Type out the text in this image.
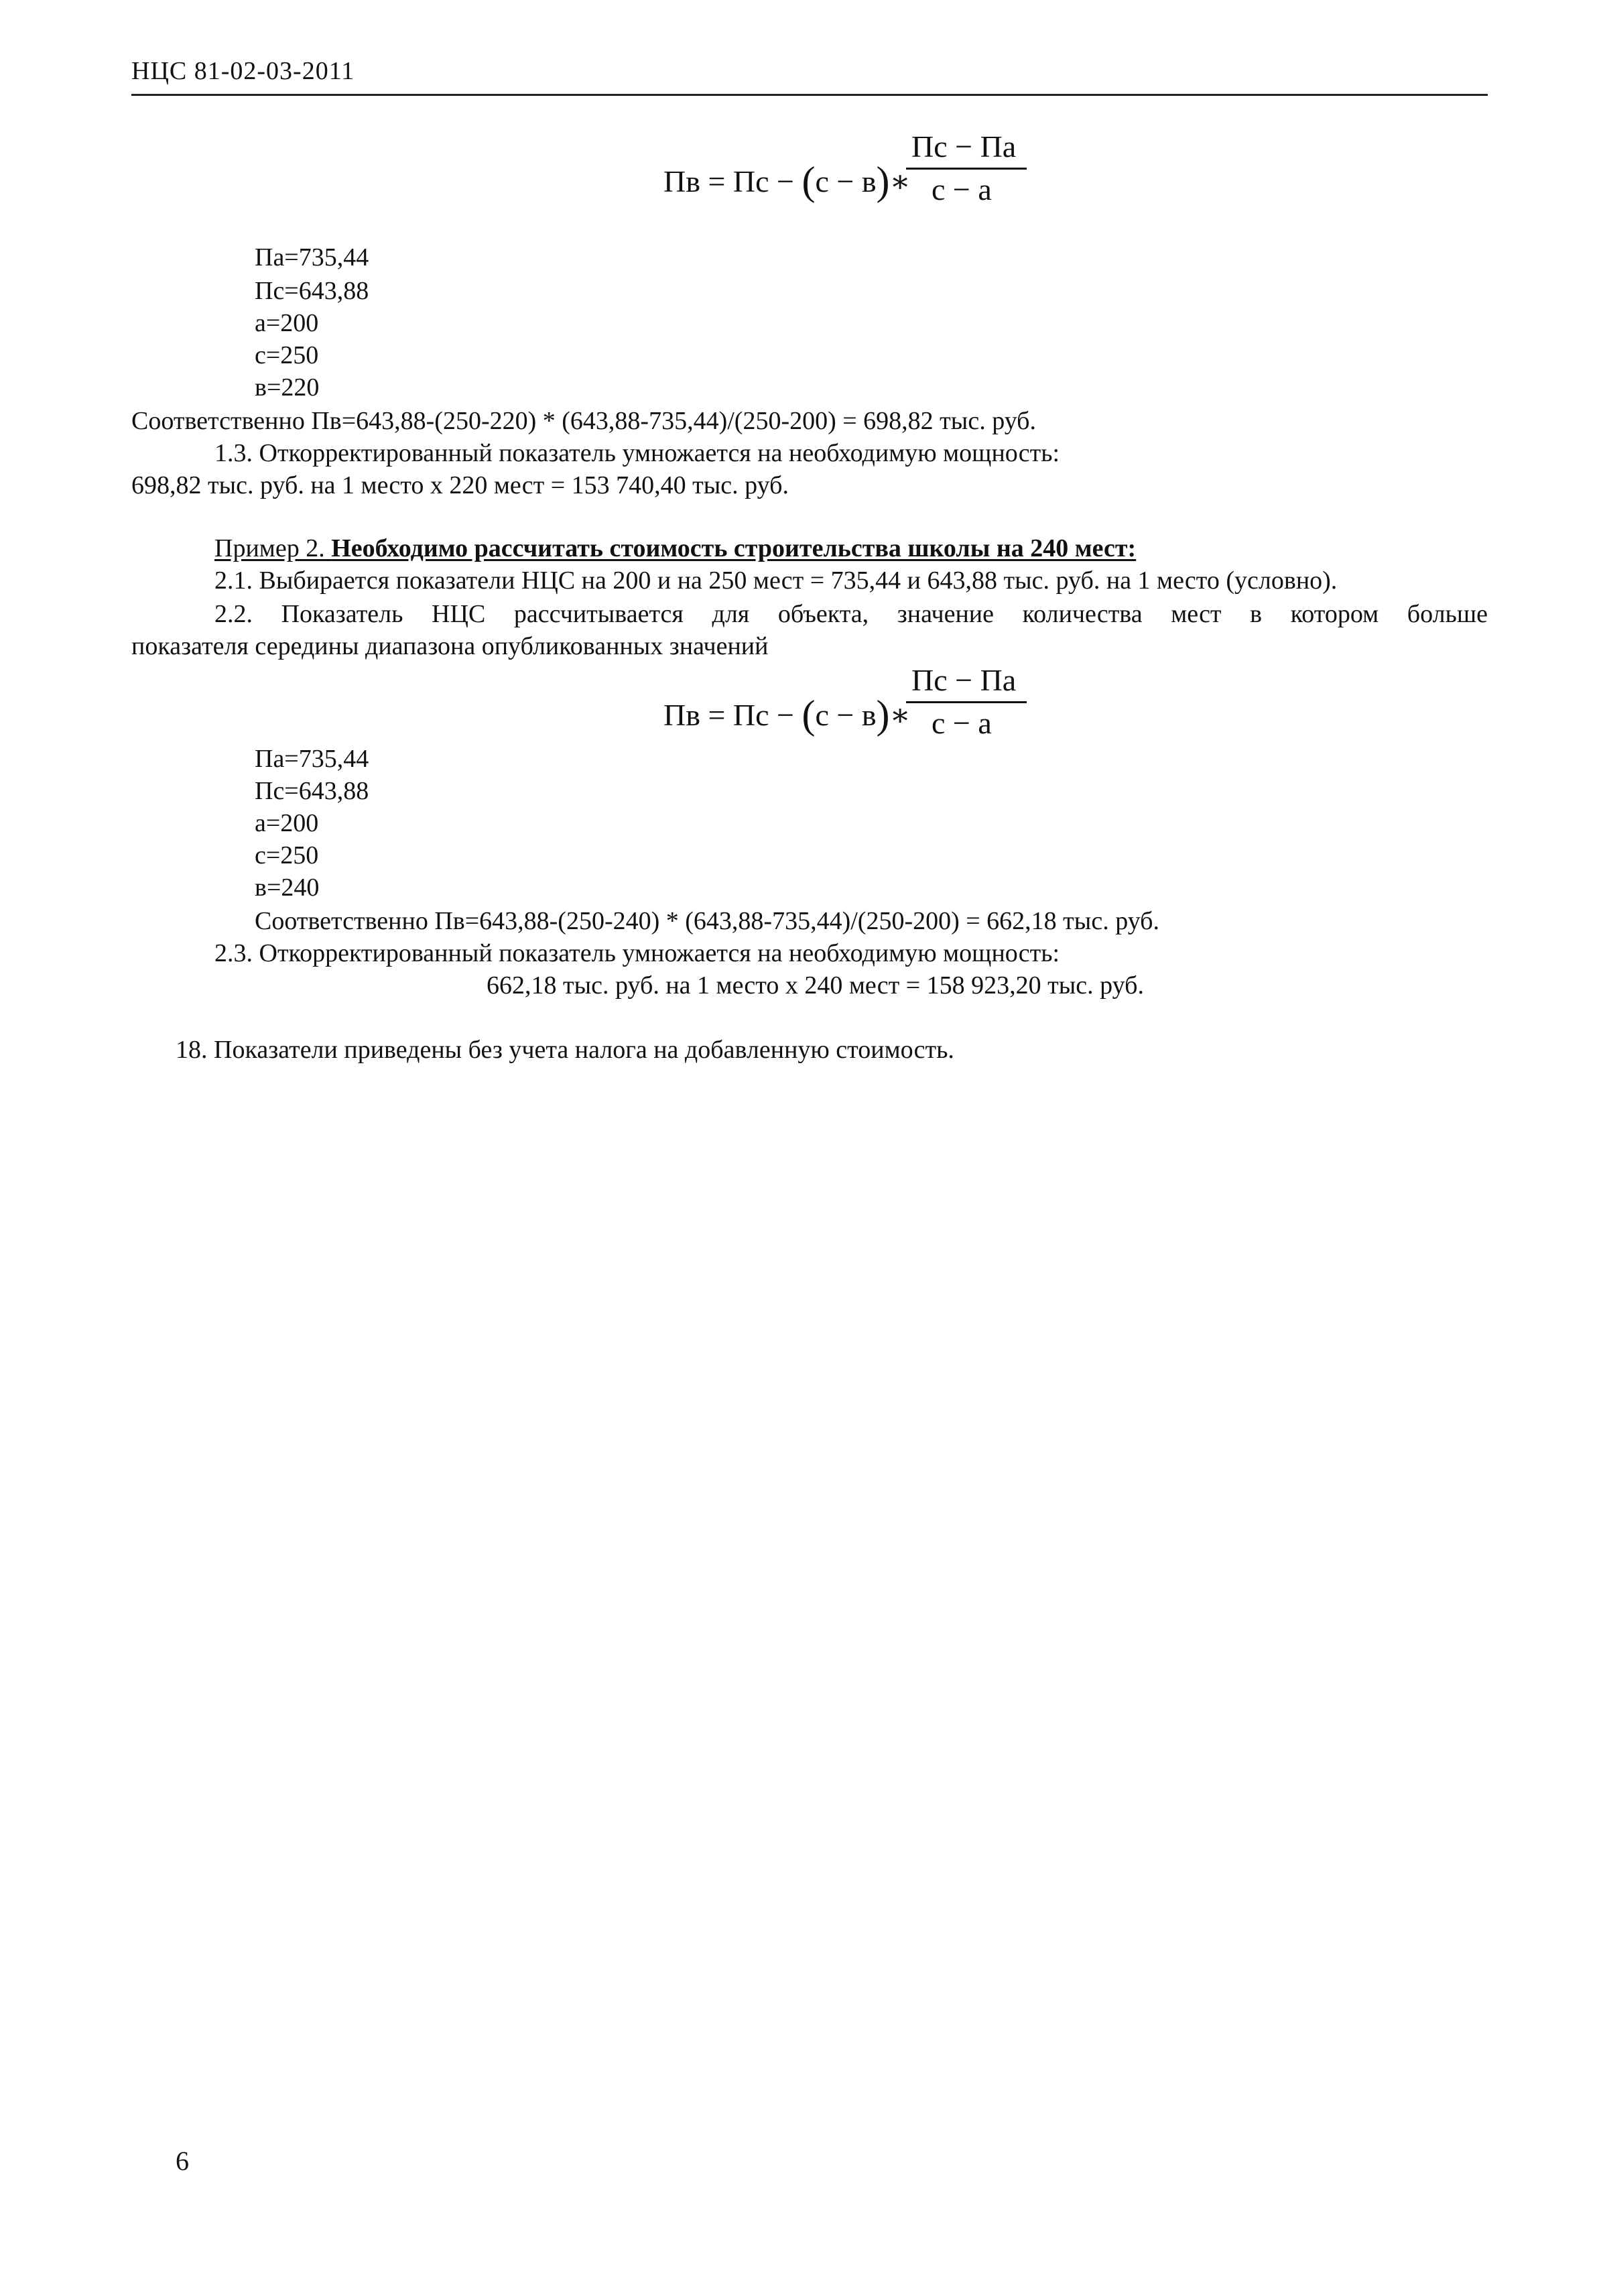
НЦС 81-02-03-2011
Пв = Пс − (с − в)∗
Пс − Па
с − а
Па=735,44
Пс=643,88
а=200
с=250
в=220
Соответственно Пв=643,88-(250-220) * (643,88-735,44)/(250-200) = 698,82 тыс. руб.
1.3. Откорректированный показатель умножается на необходимую мощность:
698,82 тыс. руб. на 1 место х 220 мест = 153 740,40 тыс. руб.
Пример 2. Необходимо рассчитать стоимость строительства школы на 240 мест:
2.1. Выбирается показатели НЦС на 200 и на 250 мест = 735,44 и 643,88 тыс. руб. на 1 место (условно).
2.2. Показатель НЦС рассчитывается для объекта, значение количества мест в котором больше
показателя середины диапазона опубликованных значений
Пв = Пс − (с − в)∗
Пс − Па
с − а
Па=735,44
Пс=643,88
а=200
с=250
в=240
Соответственно Пв=643,88-(250-240) * (643,88-735,44)/(250-200) = 662,18 тыс. руб.
2.3. Откорректированный показатель умножается на необходимую мощность:
662,18 тыс. руб. на 1 место х 240 мест = 158 923,20 тыс. руб.
18. Показатели приведены без учета налога на добавленную стоимость.
6
